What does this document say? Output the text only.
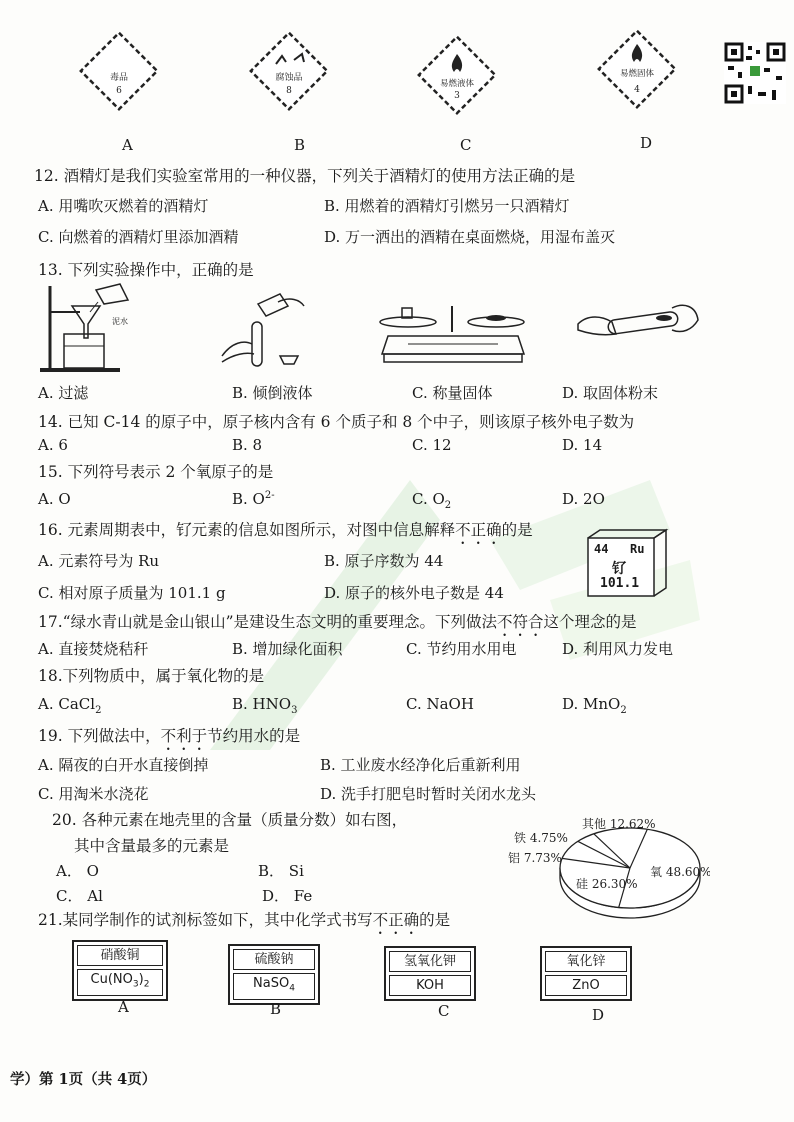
毒品
6
腐蚀品
8
易燃液体
3
易燃固体
4
A	B	C	D
12. 酒精灯是我们实验室常用的一种仪器，下列关于酒精灯的使用方法正确的是
A. 用嘴吹灭燃着的酒精灯	B. 用燃着的酒精灯引燃另一只酒精灯
C. 向燃着的酒精灯里添加酒精	D. 万一洒出的酒精在桌面燃烧，用湿布盖灭
13. 下列实验操作中，正确的是
泥水
A. 过滤	B. 倾倒液体	C. 称量固体	D. 取固体粉末
14. 已知 C-14 的原子中，原子核内含有 6 个质子和 8 个中子，则该原子核外电子数为
A. 6	B. 8	C. 12	D. 14
15. 下列符号表示 2 个氧原子的是
A. O	B. $O^{2-}$	C. $O_2$	D. 2O
16. 元素周期表中，钌元素的信息如图所示，对图中信息解释不正确的是
A. 元素符号为 Ru	B. 原子序数为 44
C. 相对原子质量为 101.1 g	D. 原子的核外电子数是 44
44 Ru
钌
101.1
17.“绿水青山就是金山银山”是建设生态文明的重要理念。下列做法不符合这个理念的是
A. 直接焚烧秸秆	B. 增加绿化面积	C. 节约用水用电	D. 利用风力发电
18.下列物质中，属于氧化物的是
A. CaCl$_2$	B. $HNO_3$	C. NaOH	D. MnO$_2$
19. 下列做法中，不利于节约用水的是
A. 隔夜的白开水直接倒掉	B. 工业废水经净化后重新利用
C. 用淘米水浇花	D. 洗手打肥皂时暂时关闭水龙头
20. 各种元素在地壳里的含量（质量分数）如右图，
其中含量最多的元素是
A． O	B． Si
C． Al	D． Fe
氧 48.60%
硅 26.30%
铝 7.73%
铁 4.75%
其他 12.62%
21.某同学制作的试剂标签如下，其中化学式书写不正确的是
硝酸铜
$Cu(NO_3)_2$
硫酸钠
NaSO$_4$
氢氧化钾
KOH
氧化锌
ZnO
A	B	C	D
学）第 1页（共 4页）
